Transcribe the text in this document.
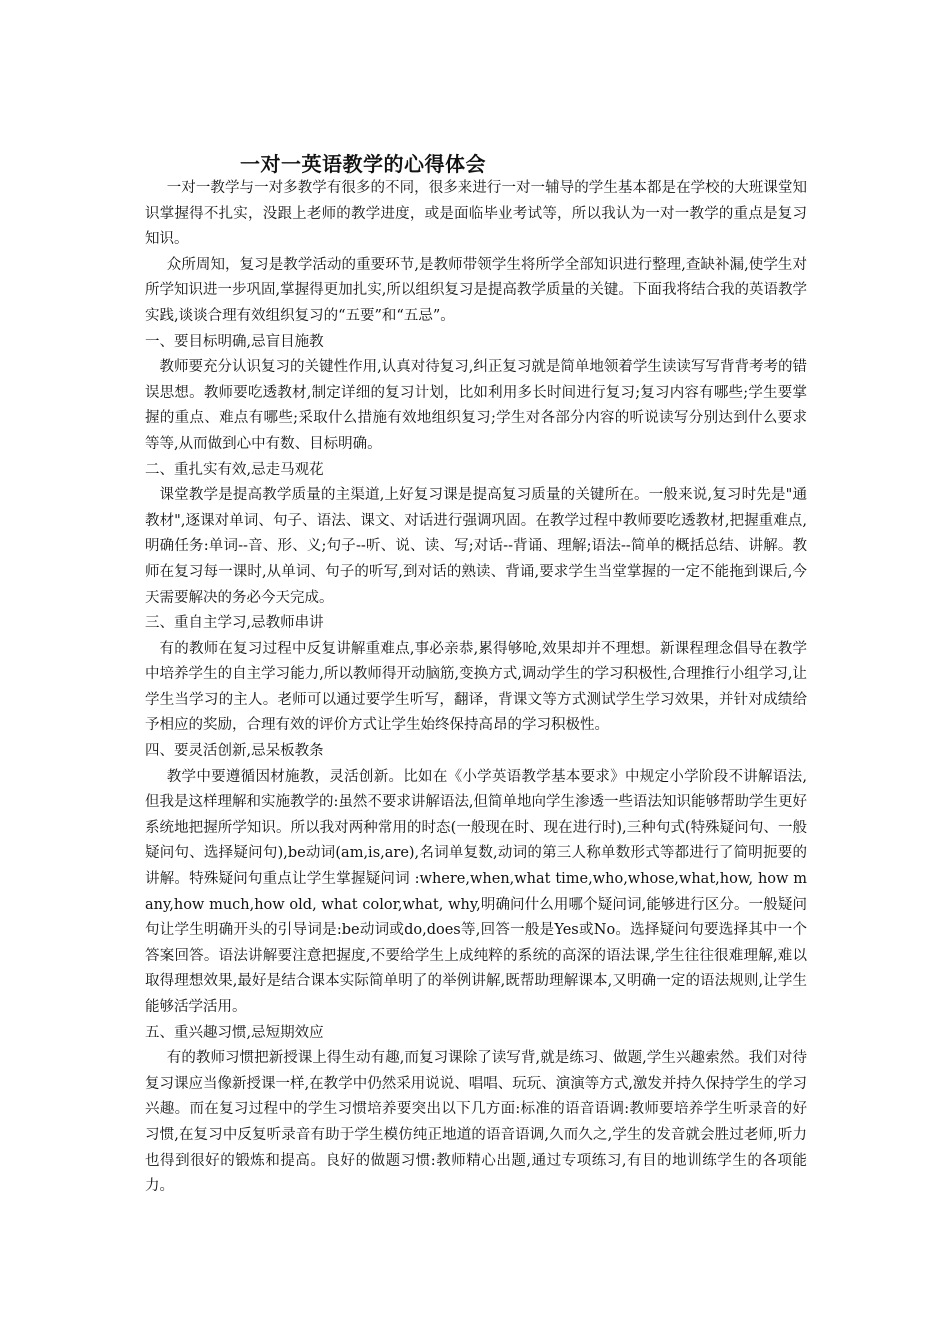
一对一英语教学的心得体会

一对一教学与一对多教学有很多的不同，很多来进行一对一辅导的学生基本都是在学校的大班课堂知识掌握得不扎实，没跟上老师的教学进度，或是面临毕业考试等，所以我认为一对一教学的重点是复习知识。

众所周知，复习是教学活动的重要环节,是教师带领学生将所学全部知识进行整理,查缺补漏,使学生对所学知识进一步巩固,掌握得更加扎实,所以组织复习是提高教学质量的关键。下面我将结合我的英语教学实践,谈谈合理有效组织复习的“五要”和“五忌”。

一、要目标明确,忌盲目施教

教师要充分认识复习的关键性作用,认真对待复习,纠正复习就是简单地领着学生读读写写背背考考的错误思想。教师要吃透教材,制定详细的复习计划，比如利用多长时间进行复习;复习内容有哪些;学生要掌握的重点、难点有哪些;采取什么措施有效地组织复习;学生对各部分内容的听说读写分别达到什么要求等等,从而做到心中有数、目标明确。

二、重扎实有效,忌走马观花

课堂教学是提高教学质量的主渠道,上好复习课是提高复习质量的关键所在。一般来说,复习时先是"通教材",逐课对单词、句子、语法、课文、对话进行强调巩固。在教学过程中教师要吃透教材,把握重难点,明确任务:单词--音、形、义;句子--听、说、读、写;对话--背诵、理解;语法--简单的概括总结、讲解。教师在复习每一课时,从单词、句子的听写,到对话的熟读、背诵,要求学生当堂掌握的一定不能拖到课后,今天需要解决的务必今天完成。

三、重自主学习,忌教师串讲

有的教师在复习过程中反复讲解重难点,事必亲恭,累得够呛,效果却并不理想。新课程理念倡导在教学中培养学生的自主学习能力,所以教师得开动脑筋,变换方式,调动学生的学习积极性,合理推行小组学习,让学生当学习的主人。老师可以通过要学生听写，翻译，背课文等方式测试学生学习效果，并针对成绩给予相应的奖励，合理有效的评价方式让学生始终保持高昂的学习积极性。

四、要灵活创新,忌呆板教条

教学中要遵循因材施教，灵活创新。比如在《小学英语教学基本要求》中规定小学阶段不讲解语法,但我是这样理解和实施教学的:虽然不要求讲解语法,但简单地向学生渗透一些语法知识能够帮助学生更好系统地把握所学知识。所以我对两种常用的时态(一般现在时、现在进行时),三种句式(特殊疑问句、一般疑问句、选择疑问句),be动词(am,is,are),名词单复数,动词的第三人称单数形式等都进行了简明扼要的讲解。特殊疑问句重点让学生掌握疑问词 :where,when,what time,who,whose,what,how, how many,how much,how old, what color,what, why,明确问什么用哪个疑问词,能够进行区分。一般疑问句让学生明确开头的引导词是:be动词或do,does等,回答一般是Yes或No。选择疑问句要选择其中一个答案回答。语法讲解要注意把握度,不要给学生上成纯粹的系统的高深的语法课,学生往往很难理解,难以取得理想效果,最好是结合课本实际简单明了的举例讲解,既帮助理解课本,又明确一定的语法规则,让学生能够活学活用。

五、重兴趣习惯,忌短期效应

有的教师习惯把新授课上得生动有趣,而复习课除了读写背,就是练习、做题,学生兴趣索然。我们对待复习课应当像新授课一样,在教学中仍然采用说说、唱唱、玩玩、演演等方式,激发并持久保持学生的学习兴趣。而在复习过程中的学生习惯培养要突出以下几方面:标准的语音语调:教师要培养学生听录音的好习惯,在复习中反复听录音有助于学生模仿纯正地道的语音语调,久而久之,学生的发音就会胜过老师,听力也得到很好的锻炼和提高。良好的做题习惯:教师精心出题,通过专项练习,有目的地训练学生的各项能力。
